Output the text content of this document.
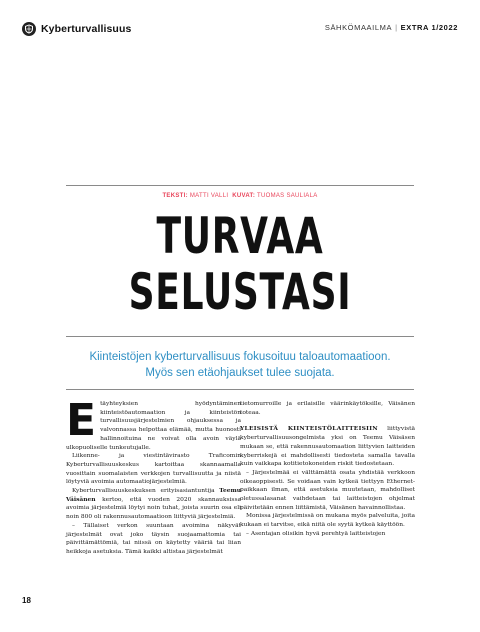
Kyberturvallisuus	SÄHKÖMAAILMA | EXTRA 1/2022
TEKSTI: MATTI VALLI KUVAT: TUOMAS SAULIALA
TURVAA
SELUSTASI
Kiinteistöjen kyberturvallisuus fokusoituu taloautomaatioon.
Myös sen etäohjaukset tulee suojata.

Etäyhteyksien hyödyntäminen kiinteistöautomaation ja kiinteistön turvallisuusjärjestelmien ohjauksessa ja valvonnassa helpottaa elämää, mutta huonosti hallinnoituina ne voivat olla avoin väylä ulkopuoliselle tunkeutujalle.

Liikenne- ja viestintävirasto Traficomin Kyberturvallisuuskeskus kartoittaa skannaamalla vuosittain suomalaisten verkkojen turvallisuutta ja niistä löytyviä avoimia automaatiojärjestelmiä.

Kyberturvallisuuskeskuksen erityisasiantuntija Teemu Väisänen kertoo, että vuoden 2020 skannauksissa avoimia järjestelmiä löytyi noin tuhat, joista suurin osa eli noin 800 oli rakennusautomaatioon liittyviä järjestelmiä.

– Tällaiset verkon suuntaan avoimina näkyvät järjestelmät ovat joko täysin suojaamattomia tai päivittämättömiä, tai niissä on käytetty vääriä tai liian heikkoja asetuksia. Tämä kaikki altistaa järjestelmät

tietomurroille ja erilaisille väärinkäytöksille, Väisänen toteaa.

YLEISISTÄ KIINTEISTÖLAITTEISIIN liittyvistä kyberturvallisuusongelmista yksi on Teemu Väisäsen mukaan se, että rakennusautomaation liittyvien laitteiden kyberriskejä ei mahdollisesti tiedosteta samalla tavalla kuin vaikkapa kotitietokoneiden riskit tiedostetaan.

– Järjestelmää ei välttämättä osata yhdistää verkkoon oikeaoppisesti. Se voidaan vain kytkeä tiettyyn Ethernet-paikkaan ilman, että asetuksia muutetaan, mahdolliset oletussalasanat vaihdetaan tai laitteistojen ohjelmat päivitetään ennen liittämistä, Väisänen havainnollistaa.

Monissa järjestelmissä on mukana myös palveluita, joita kukaan ei tarvitse, eikä niitä ole syytä kytkeä käyttöön.

– Asentajan olisikin hyvä perehtyä laitteistojen

18
